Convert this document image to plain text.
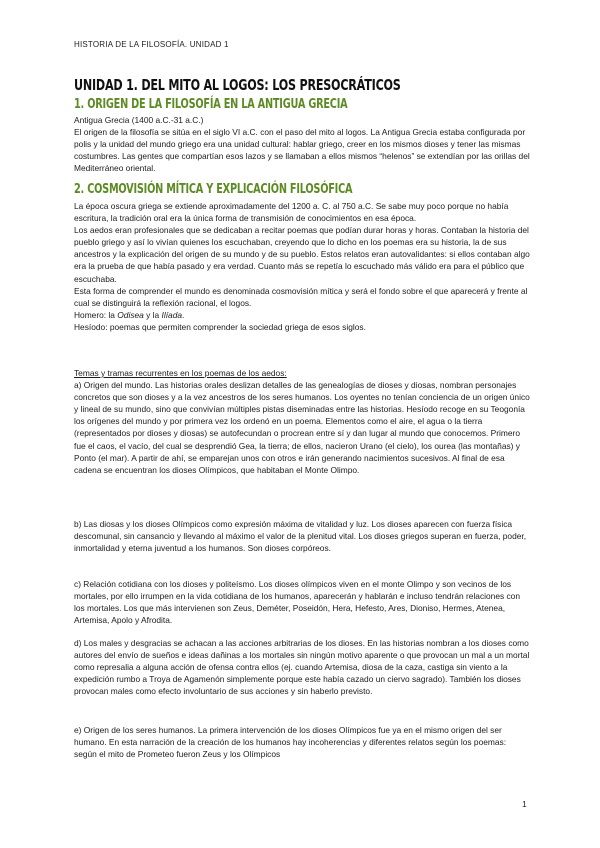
HISTORIA DE LA FILOSOFÍA. UNIDAD 1
UNIDAD 1. DEL MITO AL LOGOS: LOS PRESOCRÁTICOS
1. ORIGEN DE LA FILOSOFÍA EN LA ANTIGUA GRECIA

Antigua Grecia (1400 a.C.-31 a.C.)

El origen de la filosofía se sitúa en el siglo VI a.C. con el paso del mito al logos. La Antigua Grecia estaba configurada por polis y la unidad del mundo griego era una unidad cultural: hablar griego, creer en los mismos dioses y tener las mismas costumbres. Las gentes que compartían esos lazos y se llamaban a ellos mismos “helenos” se extendían por las orillas del Mediterráneo oriental.

2. COSMOVISIÓN MÍTICA Y EXPLICACIÓN FILOSÓFICA

La época oscura griega se extiende aproximadamente del 1200 a. C. al 750 a.C. Se sabe muy poco porque no había escritura, la tradición oral era la única forma de transmisión de conocimientos en esa época.

Los aedos eran profesionales que se dedicaban a recitar poemas que podían durar horas y horas. Contaban la historia del pueblo griego y así lo vivían quienes los escuchaban, creyendo que lo dicho en los poemas era su historia, la de sus ancestros y la explicación del origen de su mundo y de su pueblo. Estos relatos eran autovalidantes: si ellos contaban algo era la prueba de que había pasado y era verdad. Cuanto más se repetía lo escuchado más válido era para el público que escuchaba.

Esta forma de comprender el mundo es denominada cosmovisión mítica y será el fondo sobre el que aparecerá y frente al cual se distinguirá la reflexión racional, el logos.

Homero: la Odisea y la Ilíada.

Hesíodo: poemas que permiten comprender la sociedad griega de esos siglos.

Temas y tramas recurrentes en los poemas de los aedos:

a) Origen del mundo. Las historias orales deslizan detalles de las genealogías de dioses y diosas, nombran personajes concretos que son dioses y a la vez ancestros de los seres humanos. Los oyentes no tenían conciencia de un origen único y lineal de su mundo, sino que convivían múltiples pistas diseminadas entre las historias. Hesíodo recoge en su Teogonía los orígenes del mundo y por primera vez los ordenó en un poema. Elementos como el aire, el agua o la tierra (representados por dioses y diosas) se autofecundan o procrean entre sí y dan lugar al mundo que conocemos. Primero fue el caos, el vacío, del cual se desprendió Gea, la tierra; de ellos, nacieron Urano (el cielo), los ourea (las montañas) y Ponto (el mar). A partir de ahí, se emparejan unos con otros e irán generando nacimientos sucesivos. Al final de esa cadena se encuentran los dioses Olímpicos, que habitaban el Monte Olimpo.

b) Las diosas y los dioses Olímpicos como expresión máxima de vitalidad y luz. Los dioses aparecen con fuerza física descomunal, sin cansancio y llevando al máximo el valor de la plenitud vital. Los dioses griegos superan en fuerza, poder, inmortalidad y eterna juventud a los humanos. Son dioses corpóreos.

c) Relación cotidiana con los dioses y politeísmo. Los dioses olímpicos viven en el monte Olimpo y son vecinos de los mortales, por ello irrumpen en la vida cotidiana de los humanos, aparecerán y hablarán e incluso tendrán relaciones con los mortales. Los que más intervienen son Zeus, Deméter, Poseidón, Hera, Hefesto, Ares, Dioniso, Hermes, Atenea, Artemisa, Apolo y Afrodita.

d) Los males y desgracias se achacan a las acciones arbitrarias de los dioses. En las historias nombran a los dioses como autores del envío de sueños e ideas dañinas a los mortales sin ningún motivo aparente o que provocan un mal a un mortal como represalia a alguna acción de ofensa contra ellos (ej. cuando Artemisa, diosa de la caza, castiga sin viento a la expedición rumbo a Troya de Agamenón simplemente porque este había cazado un ciervo sagrado). También los dioses provocan males como efecto involuntario de sus acciones y sin haberlo previsto.

e) Origen de los seres humanos. La primera intervención de los dioses Olímpicos fue ya en el mismo origen del ser humano. En esta narración de la creación de los humanos hay incoherencias y diferentes relatos según los poemas: según el mito de Prometeo fueron Zeus y los Olímpicos

1
